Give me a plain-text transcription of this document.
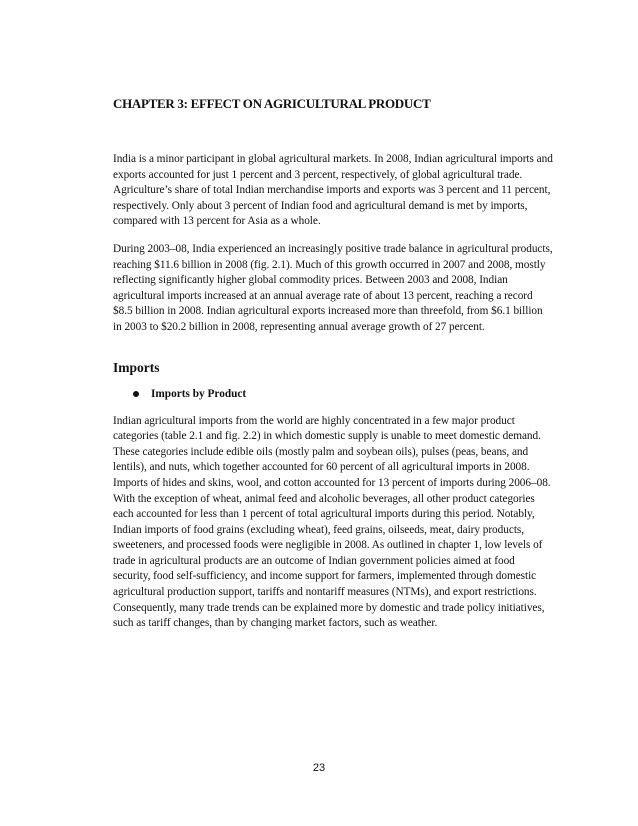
CHAPTER 3: EFFECT ON AGRICULTURAL PRODUCT

India is a minor participant in global agricultural markets. In 2008, Indian agricultural imports and exports accounted for just 1 percent and 3 percent, respectively, of global agricultural trade. Agriculture’s share of total Indian merchandise imports and exports was 3 percent and 11 percent, respectively. Only about 3 percent of Indian food and agricultural demand is met by imports, compared with 13 percent for Asia as a whole.

During 2003–08, India experienced an increasingly positive trade balance in agricultural products, reaching $11.6 billion in 2008 (fig. 2.1). Much of this growth occurred in 2007 and 2008, mostly reflecting significantly higher global commodity prices. Between 2003 and 2008, Indian agricultural imports increased at an annual average rate of about 13 percent, reaching a record $8.5 billion in 2008. Indian agricultural exports increased more than threefold, from $6.1 billion in 2003 to $20.2 billion in 2008, representing annual average growth of 27 percent.

Imports
Imports by Product

Indian agricultural imports from the world are highly concentrated in a few major product categories (table 2.1 and fig. 2.2) in which domestic supply is unable to meet domestic demand. These categories include edible oils (mostly palm and soybean oils), pulses (peas, beans, and lentils), and nuts, which together accounted for 60 percent of all agricultural imports in 2008. Imports of hides and skins, wool, and cotton accounted for 13 percent of imports during 2006–08. With the exception of wheat, animal feed and alcoholic beverages, all other product categories each accounted for less than 1 percent of total agricultural imports during this period. Notably, Indian imports of food grains (excluding wheat), feed grains, oilseeds, meat, dairy products, sweeteners, and processed foods were negligible in 2008. As outlined in chapter 1, low levels of trade in agricultural products are an outcome of Indian government policies aimed at food security, food self-sufficiency, and income support for farmers, implemented through domestic agricultural production support, tariffs and nontariff measures (NTMs), and export restrictions. Consequently, many trade trends can be explained more by domestic and trade policy initiatives, such as tariff changes, than by changing market factors, such as weather.

23
